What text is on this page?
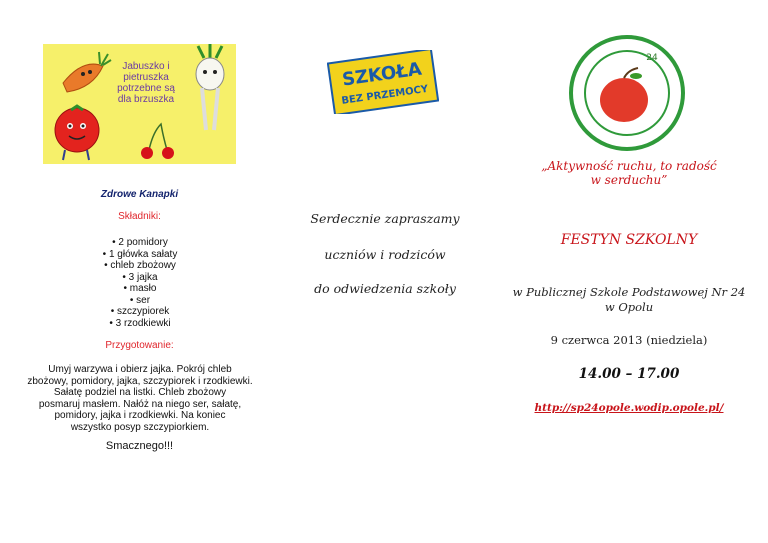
Jabuszko i
pietruszka
potrzebne są
dla brzuszka
Zdrowe Kanapki
Składniki:
• 2 pomidory
• 1 główka sałaty
• chleb zbożowy
• 3 jajka
• masło
• ser
• szczypiorek
• 3 rzodkiewki
Przygotowanie:
Umyj warzywa i obierz jajka. Pokrój chleb
zbożowy, pomidory, jajka, szczypiorek i rzodkiewki.
Sałatę podziel na listki. Chleb zbożowy
posmaruj masłem. Nałóż na niego ser, sałatę,
pomidory, jajka i rzodkiewki. Na koniec
wszystko posyp szczypiorkiem.
Smacznego!!!
SZKOŁA
BEZ PRZEMOCY
Serdecznie zapraszamy
uczniów i rodziców
do odwiedzenia szkoły
24
„Aktywność ruchu, to radość
w serduchu”
FESTYN SZKOLNY
w Publicznej Szkole Podstawowej Nr 24
w Opolu
9 czerwca 2013 (niedziela)
14.00 – 17.00
http://sp24opole.wodip.opole.pl/
